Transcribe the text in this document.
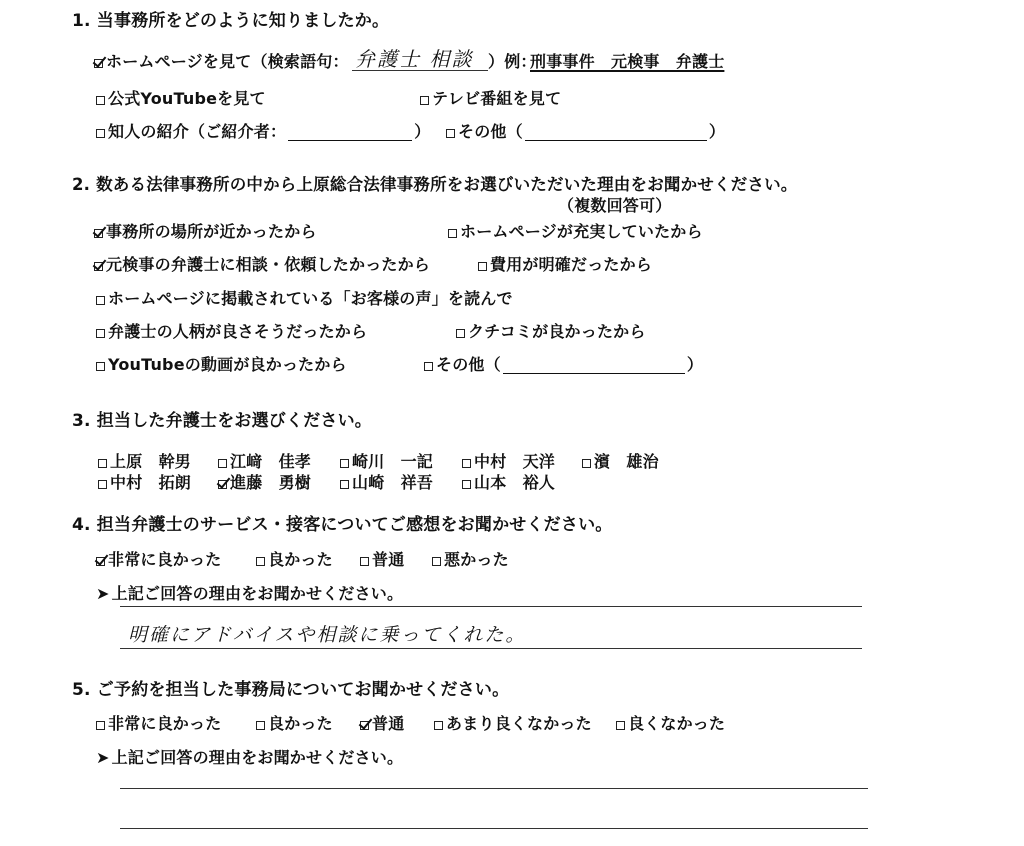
1. 当事務所をどのように知りましたか。
ホームページを見て（検索語句： 弁護士 相談 ）例：
刑事事件　元検事　弁護士
公式YouTubeを見て	テレビ番組を見て
知人の紹介（ご紹介者：	） その他（	）
2. 数ある法律事務所の中から上原総合法律事務所をお選びいただいた理由をお聞かせください。
（複数回答可）
事務所の場所が近かったから	ホームページが充実していたから
元検事の弁護士に相談・依頼したかったから	費用が明確だったから
ホームページに掲載されている「お客様の声」を読んで
弁護士の人柄が良さそうだったから	クチコミが良かったから
YouTubeの動画が良かったから	その他（	）
3. 担当した弁護士をお選びください。
上原　幹男 江﨑　佳孝	崎川　一記	中村　天洋 濱　雄治
中村　拓朗 進藤　勇樹	山崎　祥吾	山本　裕人
4. 担当弁護士のサービス・接客についてご感想をお聞かせください。
非常に良かった	良かった 普通 悪かった
➤ 上記ご回答の理由をお聞かせください。
明確にアドバイスや相談に乗ってくれた。
5. ご予約を担当した事務局についてお聞かせください。
非常に良かった	良かった 普通	あまり良くなかった 良くなかった
➤ 上記ご回答の理由をお聞かせください。
